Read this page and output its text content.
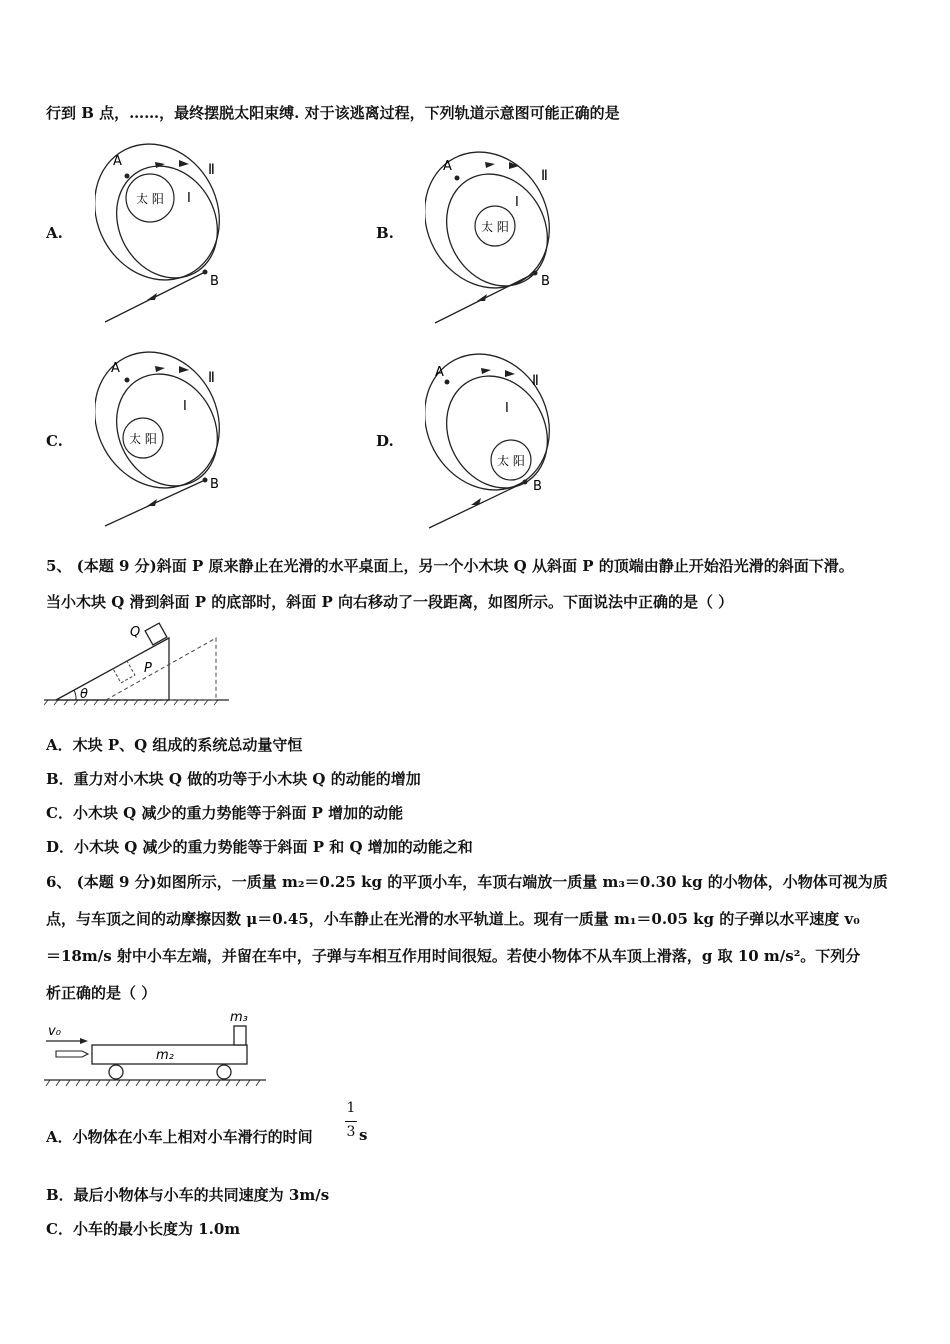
行到 B 点，……，最终摆脱太阳束缚. 对于该逃离过程，下列轨道示意图可能正确的是
A.	B.
C.	D.
太 阳
A
B
I
Ⅱ
太 阳
A
B
I
Ⅱ
太 阳
A
B
I
Ⅱ
太 阳
A
B
I
Ⅱ
5、 (本题 9 分)斜面 P 原来静止在光滑的水平桌面上，另一个小木块 Q 从斜面 P 的顶端由静止开始沿光滑的斜面下滑。
当小木块 Q 滑到斜面 P 的底部时，斜面 P 向右移动了一段距离，如图所示。下面说法中正确的是（ ）
Q
P
θ
A．木块 P、Q 组成的系统总动量守恒
B．重力对小木块 Q 做的功等于小木块 Q 的动能的增加
C．小木块 Q 减少的重力势能等于斜面 P 增加的动能
D．小木块 Q 减少的重力势能等于斜面 P 和 Q 增加的动能之和
6、 (本题 9 分)如图所示，一质量 m₂＝0.25 kg 的平顶小车，车顶右端放一质量 m₃＝0.30 kg 的小物体，小物体可视为质
点，与车顶之间的动摩擦因数 μ＝0.45，小车静止在光滑的水平轨道上。现有一质量 m₁＝0.05 kg 的子弹以水平速度 v₀
＝18m/s 射中小车左端，并留在车中，子弹与车相互作用时间很短。若使小物体不从车顶上滑落，g 取 10 m/s²。下列分
析正确的是（ ）
v₀
m₂
m₃
A．小物体在小车上相对小车滑行的时间
1
3 s
B．最后小物体与小车的共同速度为 3m/s
C．小车的最小长度为 1.0m
